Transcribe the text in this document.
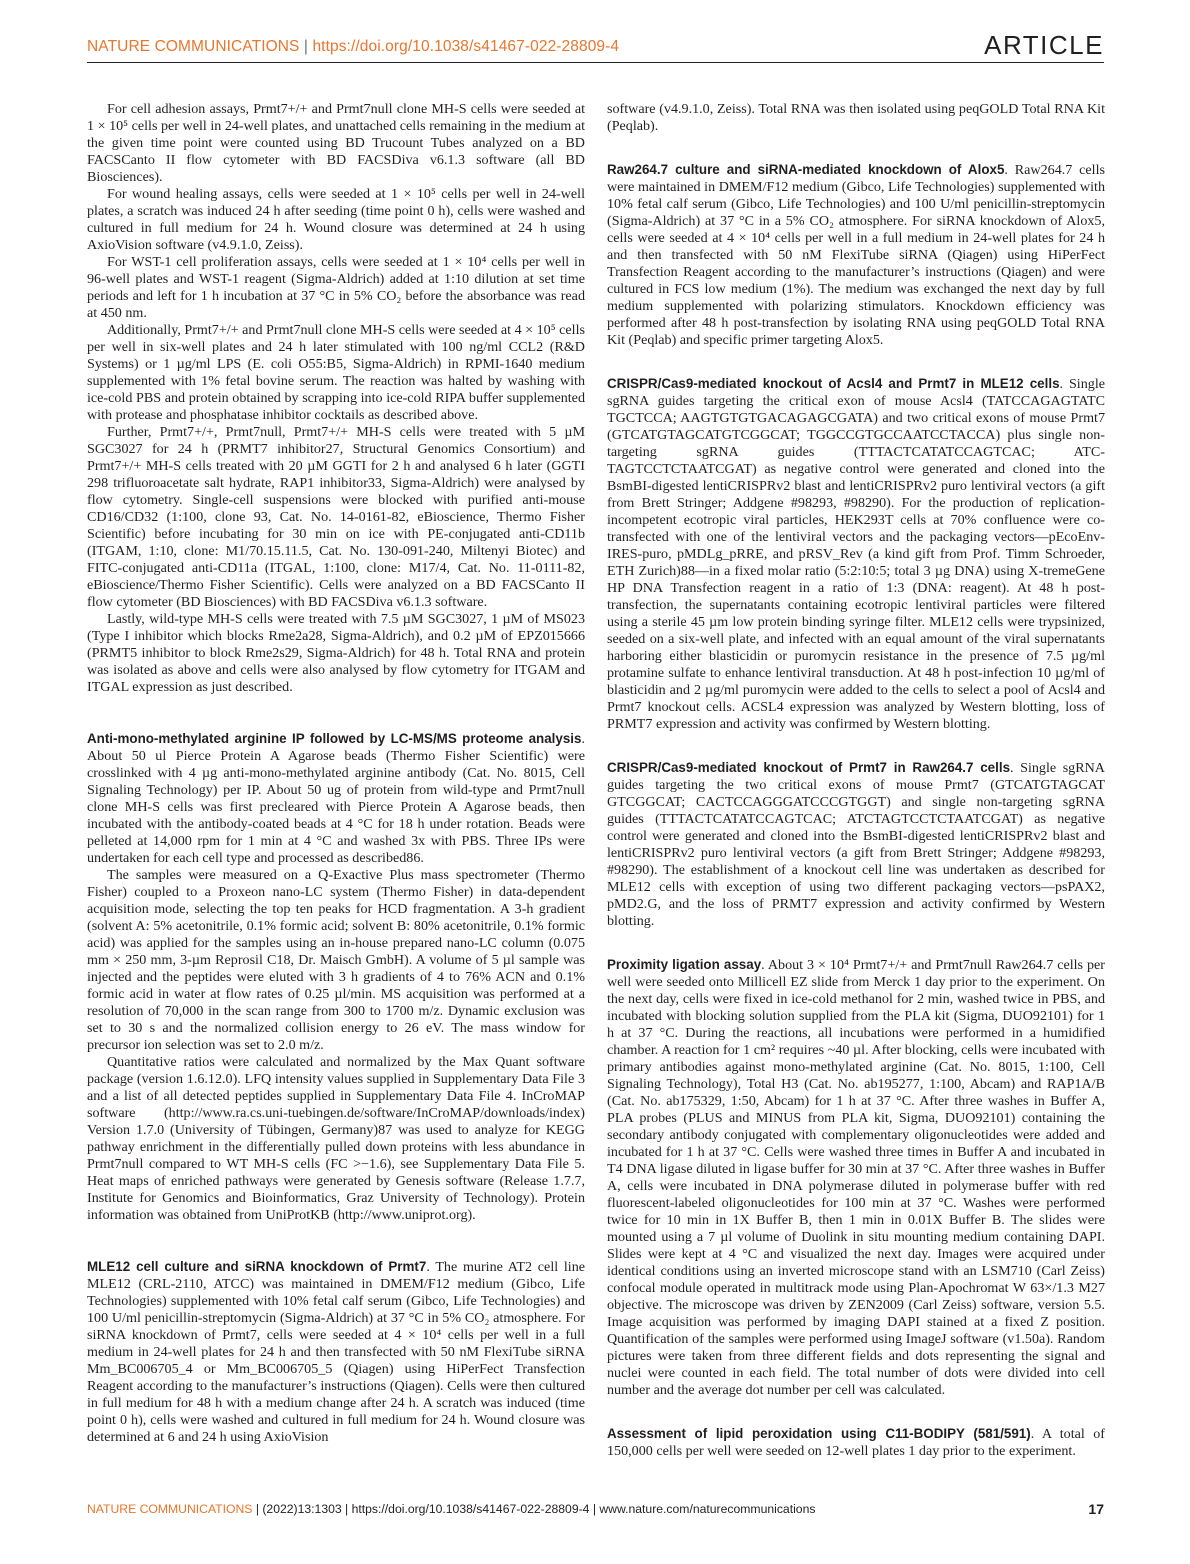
NATURE COMMUNICATIONS | https://doi.org/10.1038/s41467-022-28809-4	ARTICLE

For cell adhesion assays, Prmt7+/+ and Prmt7null clone MH-S cells were seeded at 1 × 10⁵ cells per well in 24-well plates, and unattached cells remaining in the medium at the given time point were counted using BD Trucount Tubes analyzed on a BD FACSCanto II flow cytometer with BD FACSDiva v6.1.3 software (all BD Biosciences).

For wound healing assays, cells were seeded at 1 × 10⁵ cells per well in 24-well plates, a scratch was induced 24 h after seeding (time point 0 h), cells were washed and cultured in full medium for 24 h. Wound closure was determined at 24 h using AxioVision software (v4.9.1.0, Zeiss).

For WST-1 cell proliferation assays, cells were seeded at 1 × 10⁴ cells per well in 96-well plates and WST-1 reagent (Sigma-Aldrich) added at 1:10 dilution at set time periods and left for 1 h incubation at 37 °C in 5% CO₂ before the absorbance was read at 450 nm.

Additionally, Prmt7+/+ and Prmt7null clone MH-S cells were seeded at 4 × 10⁵ cells per well in six-well plates and 24 h later stimulated with 100 ng/ml CCL2 (R&D Systems) or 1 µg/ml LPS (E. coli O55:B5, Sigma-Aldrich) in RPMI-1640 medium supplemented with 1% fetal bovine serum. The reaction was halted by washing with ice-cold PBS and protein obtained by scrapping into ice-cold RIPA buffer supplemented with protease and phosphatase inhibitor cocktails as described above.

Further, Prmt7+/+, Prmt7null, Prmt7+/+ MH-S cells were treated with 5 µM SGC3027 for 24 h (PRMT7 inhibitor27, Structural Genomics Consortium) and Prmt7+/+ MH-S cells treated with 20 µM GGTI for 2 h and analysed 6 h later (GGTI 298 trifluoroacetate salt hydrate, RAP1 inhibitor33, Sigma-Aldrich) were analysed by flow cytometry. Single-cell suspensions were blocked with purified anti-mouse CD16/CD32 (1:100, clone 93, Cat. No. 14-0161-82, eBioscience, Thermo Fisher Scientific) before incubating for 30 min on ice with PE-conjugated anti-CD11b (ITGAM, 1:10, clone: M1/70.15.11.5, Cat. No. 130-091-240, Miltenyi Biotec) and FITC-conjugated anti-CD11a (ITGAL, 1:100, clone: M17/4, Cat. No. 11-0111-82, eBioscience/Thermo Fisher Scientific). Cells were analyzed on a BD FACSCanto II flow cytometer (BD Biosciences) with BD FACSDiva v6.1.3 software.

Lastly, wild-type MH-S cells were treated with 7.5 µM SGC3027, 1 µM of MS023 (Type I inhibitor which blocks Rme2a28, Sigma-Aldrich), and 0.2 µM of EPZ015666 (PRMT5 inhibitor to block Rme2s29, Sigma-Aldrich) for 48 h. Total RNA and protein was isolated as above and cells were also analysed by flow cytometry for ITGAM and ITGAL expression as just described.

Anti-mono-methylated arginine IP followed by LC-MS/MS proteome analysis. About 50 ul Pierce Protein A Agarose beads (Thermo Fisher Scientific) were crosslinked with 4 µg anti-mono-methylated arginine antibody (Cat. No. 8015, Cell Signaling Technology) per IP. About 50 ug of protein from wild-type and Prmt7null clone MH-S cells was first precleared with Pierce Protein A Agarose beads, then incubated with the antibody-coated beads at 4 °C for 18 h under rotation. Beads were pelleted at 14,000 rpm for 1 min at 4 °C and washed 3x with PBS. Three IPs were undertaken for each cell type and processed as described86.

The samples were measured on a Q-Exactive Plus mass spectrometer (Thermo Fisher) coupled to a Proxeon nano-LC system (Thermo Fisher) in data-dependent acquisition mode, selecting the top ten peaks for HCD fragmentation. A 3-h gradient (solvent A: 5% acetonitrile, 0.1% formic acid; solvent B: 80% acetonitrile, 0.1% formic acid) was applied for the samples using an in-house prepared nano-LC column (0.075 mm × 250 mm, 3-µm Reprosil C18, Dr. Maisch GmbH). A volume of 5 µl sample was injected and the peptides were eluted with 3 h gradients of 4 to 76% ACN and 0.1% formic acid in water at flow rates of 0.25 µl/min. MS acquisition was performed at a resolution of 70,000 in the scan range from 300 to 1700 m/z. Dynamic exclusion was set to 30 s and the normalized collision energy to 26 eV. The mass window for precursor ion selection was set to 2.0 m/z.

Quantitative ratios were calculated and normalized by the Max Quant software package (version 1.6.12.0). LFQ intensity values supplied in Supplementary Data File 3 and a list of all detected peptides supplied in Supplementary Data File 4. InCroMAP software (http://www.ra.cs.uni-tuebingen.de/software/InCroMAP/downloads/index) Version 1.7.0 (University of Tübingen, Germany)87 was used to analyze for KEGG pathway enrichment in the differentially pulled down proteins with less abundance in Prmt7null compared to WT MH-S cells (FC >−1.6), see Supplementary Data File 5. Heat maps of enriched pathways were generated by Genesis software (Release 1.7.7, Institute for Genomics and Bioinformatics, Graz University of Technology). Protein information was obtained from UniProtKB (http://www.uniprot.org).

MLE12 cell culture and siRNA knockdown of Prmt7. The murine AT2 cell line MLE12 (CRL-2110, ATCC) was maintained in DMEM/F12 medium (Gibco, Life Technologies) supplemented with 10% fetal calf serum (Gibco, Life Technologies) and 100 U/ml penicillin-streptomycin (Sigma-Aldrich) at 37 °C in 5% CO₂ atmosphere. For siRNA knockdown of Prmt7, cells were seeded at 4 × 10⁴ cells per well in a full medium in 24-well plates for 24 h and then transfected with 50 nM FlexiTube siRNA Mm_BC006705_4 or Mm_BC006705_5 (Qiagen) using HiPerFect Transfection Reagent according to the manufacturer’s instructions (Qiagen). Cells were then cultured in full medium for 48 h with a medium change after 24 h. A scratch was induced (time point 0 h), cells were washed and cultured in full medium for 24 h. Wound closure was determined at 6 and 24 h using AxioVision

software (v4.9.1.0, Zeiss). Total RNA was then isolated using peqGOLD Total RNA Kit (Peqlab).

Raw264.7 culture and siRNA-mediated knockdown of Alox5. Raw264.7 cells were maintained in DMEM/F12 medium (Gibco, Life Technologies) supplemented with 10% fetal calf serum (Gibco, Life Technologies) and 100 U/ml penicillin-streptomycin (Sigma-Aldrich) at 37 °C in a 5% CO₂ atmosphere. For siRNA knockdown of Alox5, cells were seeded at 4 × 10⁴ cells per well in a full medium in 24-well plates for 24 h and then transfected with 50 nM FlexiTube siRNA (Qiagen) using HiPerFect Transfection Reagent according to the manufacturer’s instructions (Qiagen) and were cultured in FCS low medium (1%). The medium was exchanged the next day by full medium supplemented with polarizing stimulators. Knockdown efficiency was performed after 48 h post-transfection by isolating RNA using peqGOLD Total RNA Kit (Peqlab) and specific primer targeting Alox5.

CRISPR/Cas9-mediated knockout of Acsl4 and Prmt7 in MLE12 cells. Single sgRNA guides targeting the critical exon of mouse Acsl4 (TATCCAGAGTATC TGCTCCA; AAGTGTGTGACAGAGCGATA) and two critical exons of mouse Prmt7 (GTCATGTAGCATGTCGGCAT; TGGCCGTGCCAATCCTACCA) plus single non-targeting sgRNA guides (TTTACTCATATCCAGTCAC; ATC-TAGTCCTCTAATCGAT) as negative control were generated and cloned into the BsmBI-digested lentiCRISPRv2 blast and lentiCRISPRv2 puro lentiviral vectors (a gift from Brett Stringer; Addgene #98293, #98290). For the production of replication-incompetent ecotropic viral particles, HEK293T cells at 70% confluence were co-transfected with one of the lentiviral vectors and the packaging vectors—pEcoEnv-IRES-puro, pMDLg_pRRE, and pRSV_Rev (a kind gift from Prof. Timm Schroeder, ETH Zurich)88—in a fixed molar ratio (5:2:10:5; total 3 µg DNA) using X-tremeGene HP DNA Transfection reagent in a ratio of 1:3 (DNA: reagent). At 48 h post-transfection, the supernatants containing ecotropic lentiviral particles were filtered using a sterile 45 µm low protein binding syringe filter. MLE12 cells were trypsinized, seeded on a six-well plate, and infected with an equal amount of the viral supernatants harboring either blasticidin or puromycin resistance in the presence of 7.5 µg/ml protamine sulfate to enhance lentiviral transduction. At 48 h post-infection 10 µg/ml of blasticidin and 2 µg/ml puromycin were added to the cells to select a pool of Acsl4 and Prmt7 knockout cells. ACSL4 expression was analyzed by Western blotting, loss of PRMT7 expression and activity was confirmed by Western blotting.

CRISPR/Cas9-mediated knockout of Prmt7 in Raw264.7 cells. Single sgRNA guides targeting the two critical exons of mouse Prmt7 (GTCATGTAGCAT GTCGGCAT; CACTCCAGGGATCCCGTGGT) and single non-targeting sgRNA guides (TTTACTCATATCCAGTCAC; ATCTAGTCCTCTAATCGAT) as negative control were generated and cloned into the BsmBI-digested lentiCRISPRv2 blast and lentiCRISPRv2 puro lentiviral vectors (a gift from Brett Stringer; Addgene #98293, #98290). The establishment of a knockout cell line was undertaken as described for MLE12 cells with exception of using two different packaging vectors—psPAX2, pMD2.G, and the loss of PRMT7 expression and activity confirmed by Western blotting.

Proximity ligation assay. About 3 × 10⁴ Prmt7+/+ and Prmt7null Raw264.7 cells per well were seeded onto Millicell EZ slide from Merck 1 day prior to the experiment. On the next day, cells were fixed in ice-cold methanol for 2 min, washed twice in PBS, and incubated with blocking solution supplied from the PLA kit (Sigma, DUO92101) for 1 h at 37 °C. During the reactions, all incubations were performed in a humidified chamber. A reaction for 1 cm² requires ~40 µl. After blocking, cells were incubated with primary antibodies against mono-methylated arginine (Cat. No. 8015, 1:100, Cell Signaling Technology), Total H3 (Cat. No. ab195277, 1:100, Abcam) and RAP1A/B (Cat. No. ab175329, 1:50, Abcam) for 1 h at 37 °C. After three washes in Buffer A, PLA probes (PLUS and MINUS from PLA kit, Sigma, DUO92101) containing the secondary antibody conjugated with complementary oligonucleotides were added and incubated for 1 h at 37 °C. Cells were washed three times in Buffer A and incubated in T4 DNA ligase diluted in ligase buffer for 30 min at 37 °C. After three washes in Buffer A, cells were incubated in DNA polymerase diluted in polymerase buffer with red fluorescent-labeled oligonucleotides for 100 min at 37 °C. Washes were performed twice for 10 min in 1X Buffer B, then 1 min in 0.01X Buffer B. The slides were mounted using a 7 µl volume of Duolink in situ mounting medium containing DAPI. Slides were kept at 4 °C and visualized the next day. Images were acquired under identical conditions using an inverted microscope stand with an LSM710 (Carl Zeiss) confocal module operated in multitrack mode using Plan-Apochromat W 63×/1.3 M27 objective. The microscope was driven by ZEN2009 (Carl Zeiss) software, version 5.5. Image acquisition was performed by imaging DAPI stained at a fixed Z position. Quantification of the samples were performed using ImageJ software (v1.50a). Random pictures were taken from three different fields and dots representing the signal and nuclei were counted in each field. The total number of dots were divided into cell number and the average dot number per cell was calculated.

Assessment of lipid peroxidation using C11-BODIPY (581/591). A total of 150,000 cells per well were seeded on 12-well plates 1 day prior to the experiment.

NATURE COMMUNICATIONS | (2022)13:1303 | https://doi.org/10.1038/s41467-022-28809-4 | www.nature.com/naturecommunications	17
